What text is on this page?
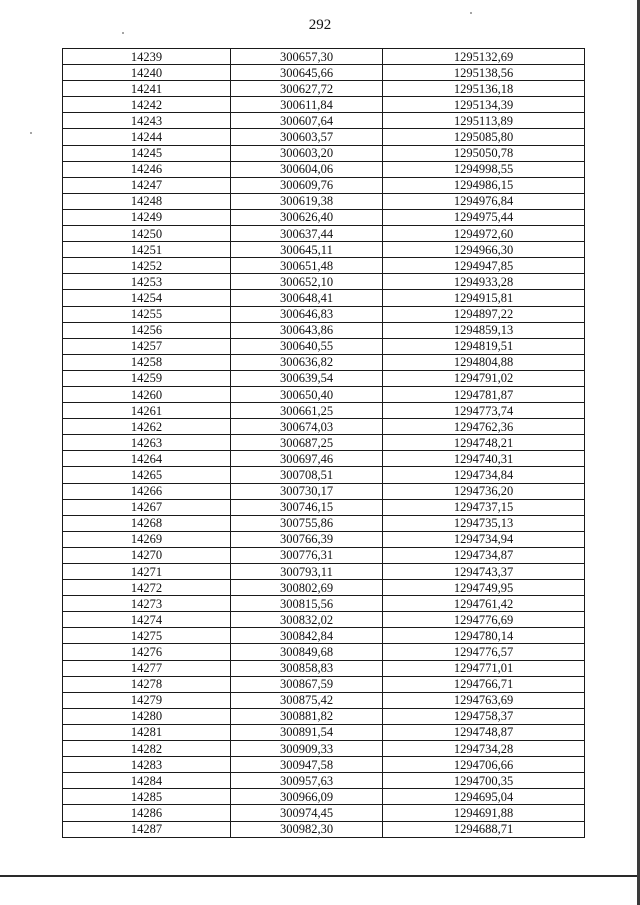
292
14239	300657,30	1295132,69
14240	300645,66	1295138,56
14241	300627,72	1295136,18
14242	300611,84	1295134,39
14243	300607,64	1295113,89
14244	300603,57	1295085,80
14245	300603,20	1295050,78
14246	300604,06	1294998,55
14247	300609,76	1294986,15
14248	300619,38	1294976,84
14249	300626,40	1294975,44
14250	300637,44	1294972,60
14251	300645,11	1294966,30
14252	300651,48	1294947,85
14253	300652,10	1294933,28
14254	300648,41	1294915,81
14255	300646,83	1294897,22
14256	300643,86	1294859,13
14257	300640,55	1294819,51
14258	300636,82	1294804,88
14259	300639,54	1294791,02
14260	300650,40	1294781,87
14261	300661,25	1294773,74
14262	300674,03	1294762,36
14263	300687,25	1294748,21
14264	300697,46	1294740,31
14265	300708,51	1294734,84
14266	300730,17	1294736,20
14267	300746,15	1294737,15
14268	300755,86	1294735,13
14269	300766,39	1294734,94
14270	300776,31	1294734,87
14271	300793,11	1294743,37
14272	300802,69	1294749,95
14273	300815,56	1294761,42
14274	300832,02	1294776,69
14275	300842,84	1294780,14
14276	300849,68	1294776,57
14277	300858,83	1294771,01
14278	300867,59	1294766,71
14279	300875,42	1294763,69
14280	300881,82	1294758,37
14281	300891,54	1294748,87
14282	300909,33	1294734,28
14283	300947,58	1294706,66
14284	300957,63	1294700,35
14285	300966,09	1294695,04
14286	300974,45	1294691,88
14287	300982,30	1294688,71
